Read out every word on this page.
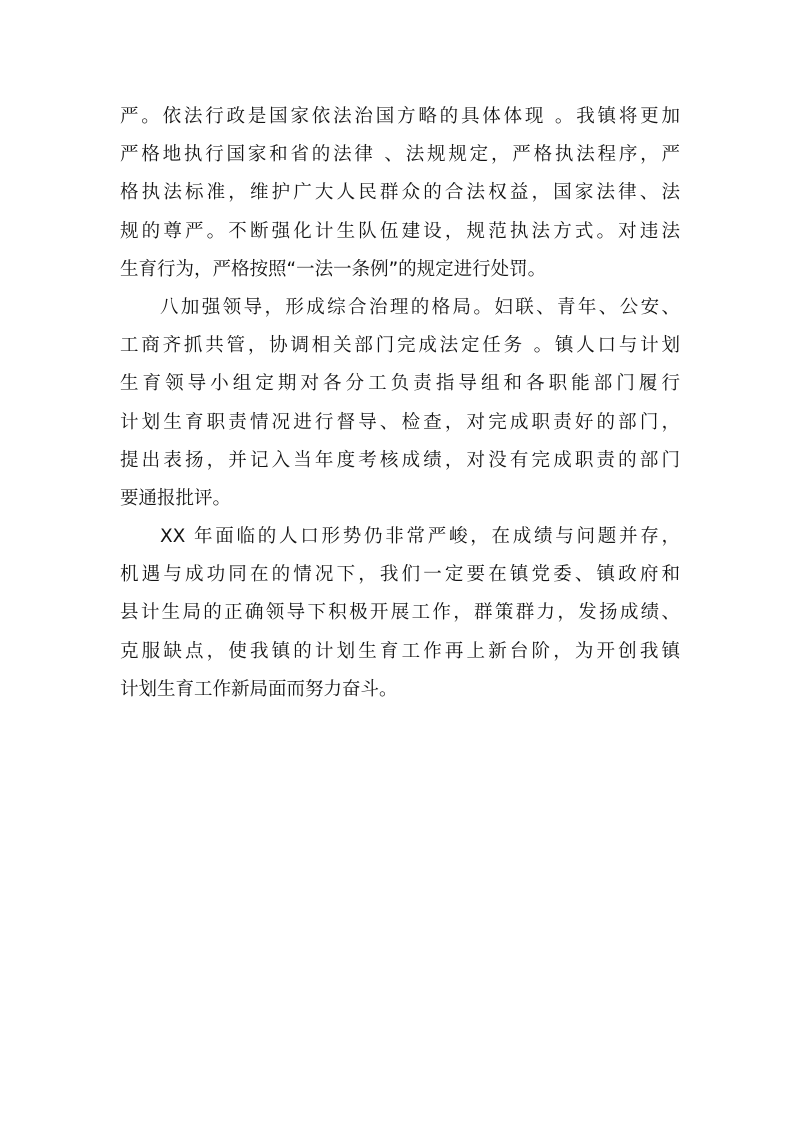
严。依法行政是国家依法治国方略的具体体现 。我镇将更加
严格地执行国家和省的法律 、法规规定，严格执法程序，严
格执法标准，维护广大人民群众的合法权益，国家法律、法
规的尊严。不断强化计生队伍建设，规范执法方式。对违法
生育行为，严格按照“一法一条例”的规定进行处罚。
八加强领导，形成综合治理的格局。妇联、青年、公安、
工商齐抓共管，协调相关部门完成法定任务 。镇人口与计划
生育领导小组定期对各分工负责指导组和各职能部门履行
计划生育职责情况进行督导、检查，对完成职责好的部门，
提出表扬，并记入当年度考核成绩，对没有完成职责的部门
要通报批评。
XX 年面临的人口形势仍非常严峻，在成绩与问题并存，
机遇与成功同在的情况下，我们一定要在镇党委、镇政府和
县计生局的正确领导下积极开展工作，群策群力，发扬成绩、
克服缺点，使我镇的计划生育工作再上新台阶，为开创我镇
计划生育工作新局面而努力奋斗。
